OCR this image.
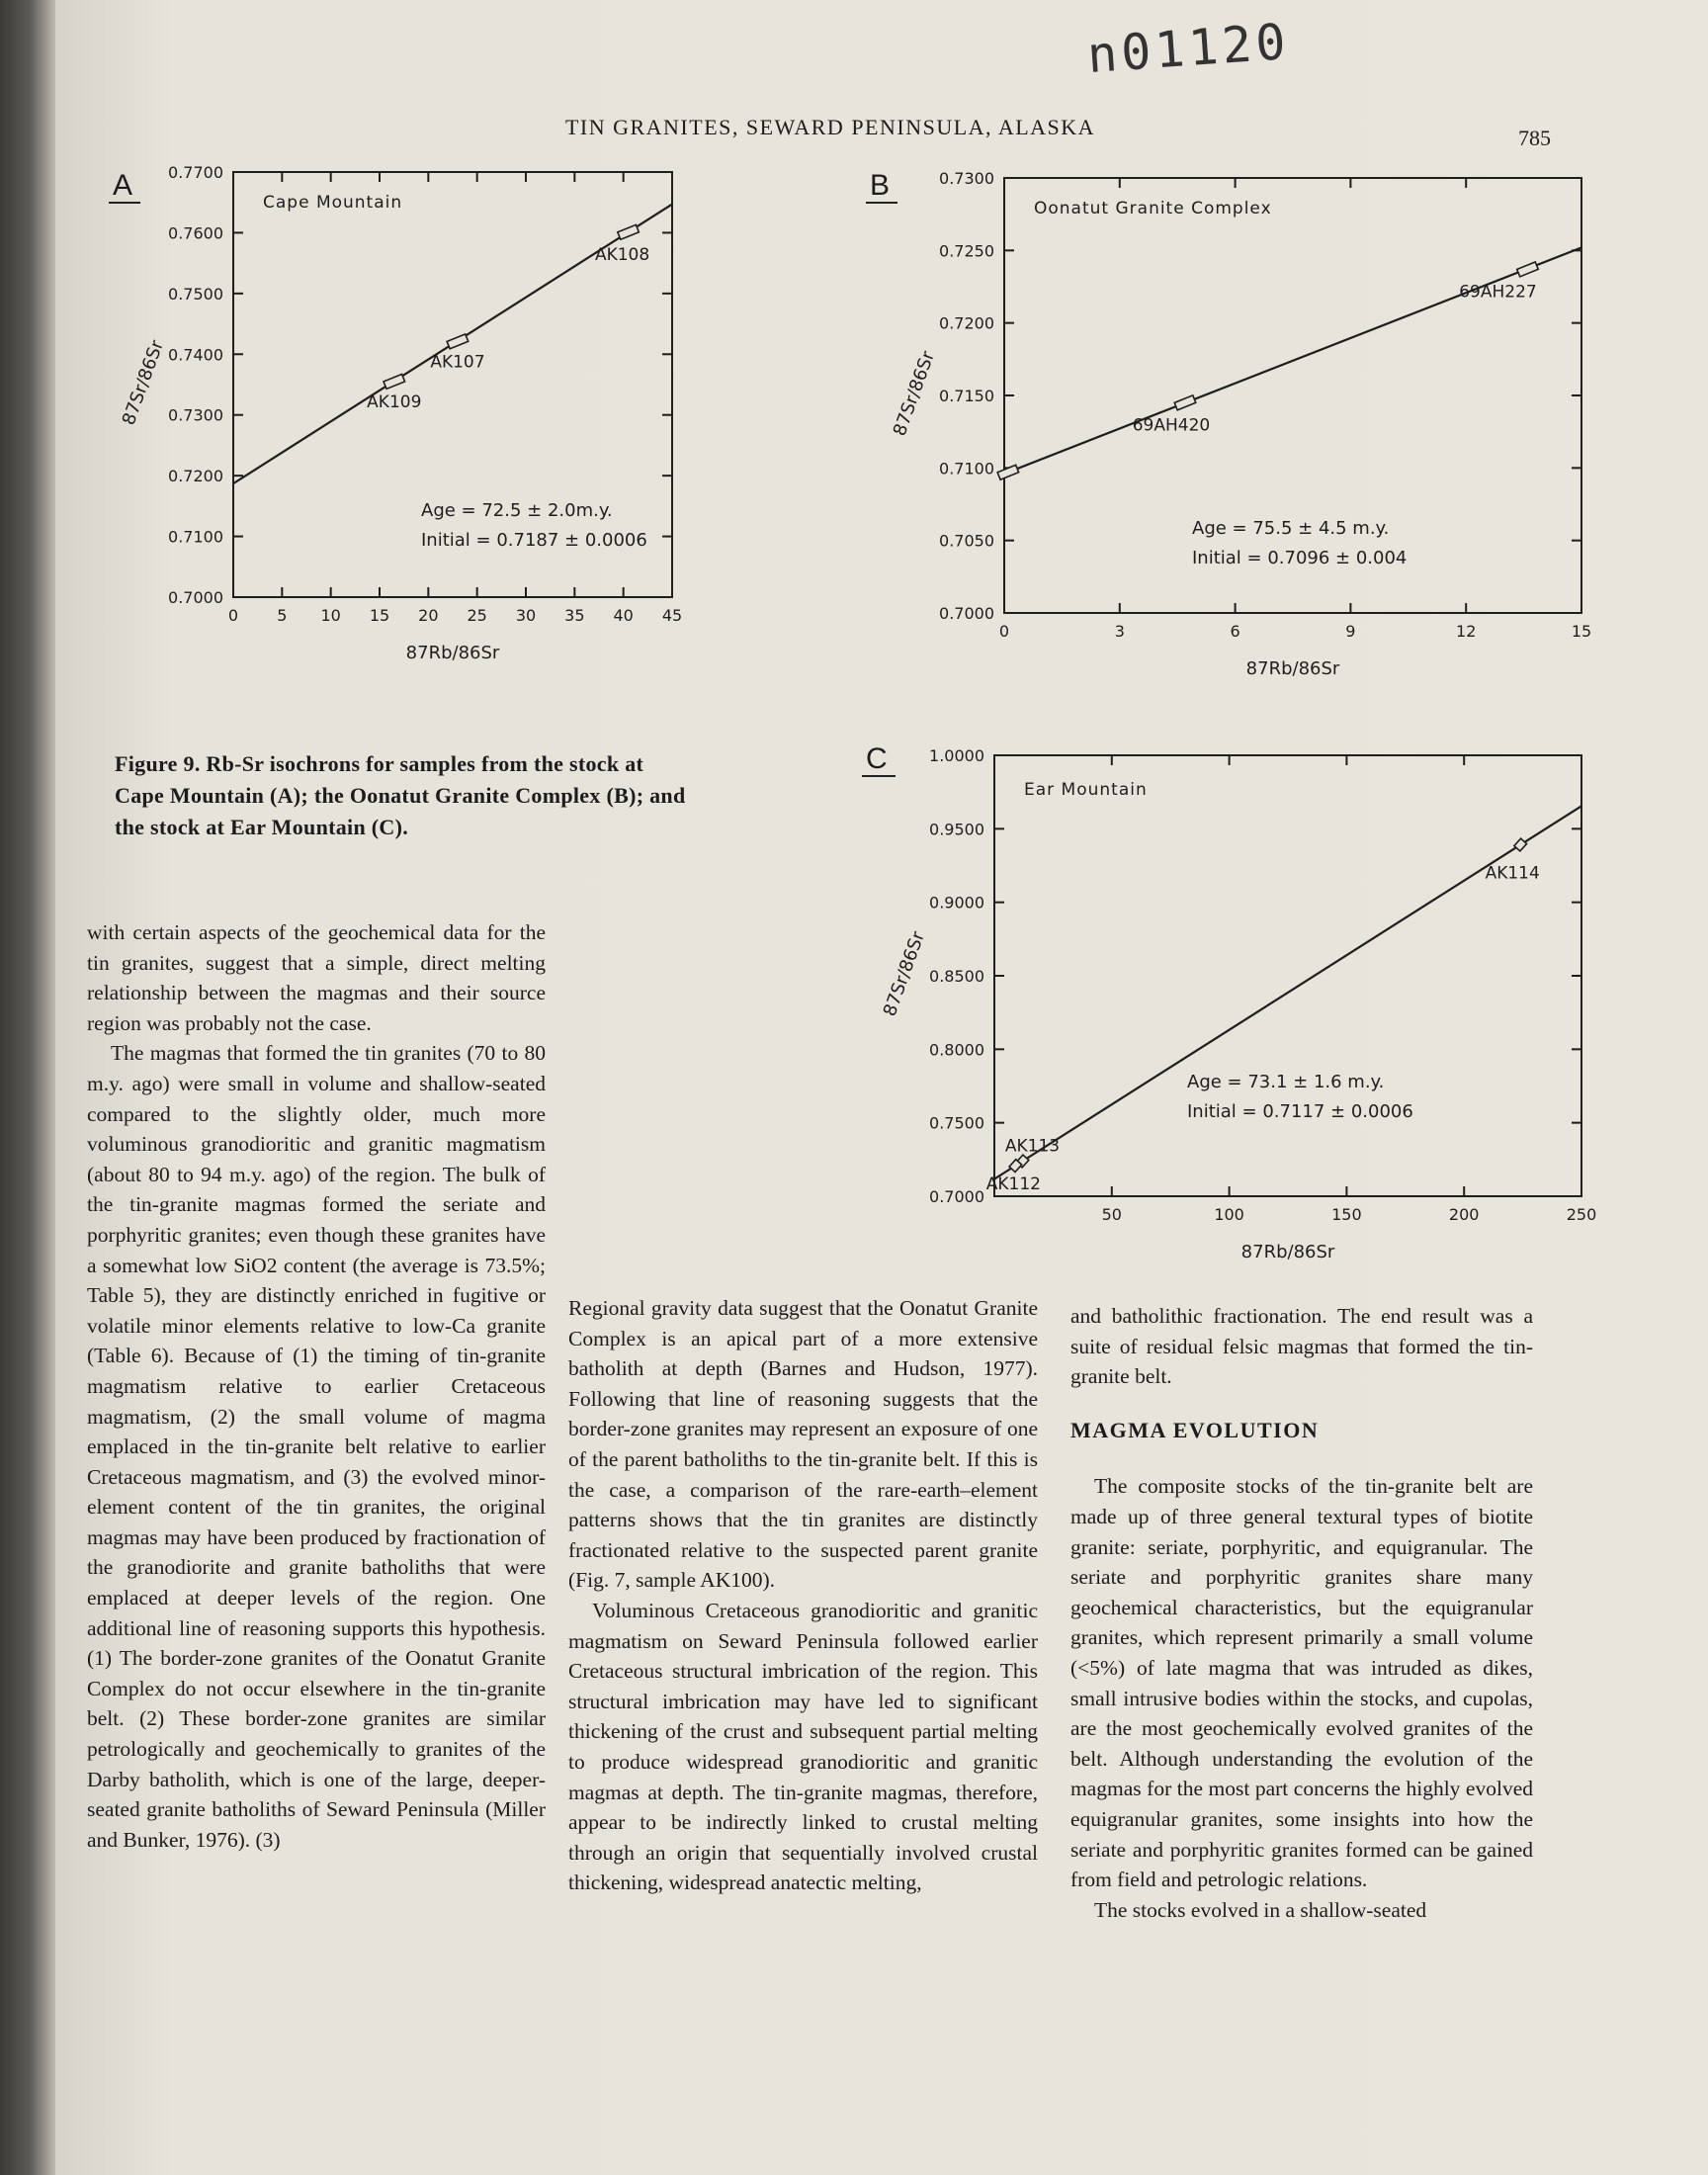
n01120
TIN GRANITES, SEWARD PENINSULA, ALASKA	785
A	B
C
0 5 10 15 20 25 30 35 40 45
0.7000
0.7100
0.7200
0.7300
0.7400
0.7500
0.7600
0.7700
AK109
AK107
AK108
Cape Mountain
Age = 72.5 ± 2.0m.y.
Initial = 0.7187 ± 0.0006
87Rb/86Sr
87Sr/86Sr
0	3	6	9	12	15
0.7000
0.7050
0.7100
0.7150
0.7200
0.7250
0.7300
69AH420
69AH227
Oonatut Granite Complex
Age = 75.5 ± 4.5 m.y.
Initial = 0.7096 ± 0.004
87Rb/86Sr
87Sr/86Sr
50	100	150	200	250
0.7000
0.7500
0.8000
0.8500
0.9000
0.9500
1.0000
AK113
AK112
AK114
Ear Mountain
Age = 73.1 ± 1.6 m.y.
Initial = 0.7117 ± 0.0006
87Rb/86Sr
87Sr/86Sr
Figure 9. Rb-Sr isochrons for samples from the stock at
Cape Mountain (A); the Oonatut Granite Complex (B); and
the stock at Ear Mountain (C).

with certain aspects of the geochemical data for the tin granites, suggest that a simple, direct melting relationship between the magmas and their source region was probably not the case.

The magmas that formed the tin granites (70 to 80 m.y. ago) were small in volume and shallow-seated compared to the slightly older, much more voluminous granodioritic and granitic magmatism (about 80 to 94 m.y. ago) of the region. The bulk of the tin-granite magmas formed the seriate and porphyritic granites; even though these granites have a somewhat low SiO2 content (the average is 73.5%; Table 5), they are distinctly enriched in fugitive or volatile minor elements relative to low-Ca granite (Table 6). Because of (1) the timing of tin-granite magmatism relative to earlier Cretaceous magmatism, (2) the small volume of magma emplaced in the tin-granite belt relative to earlier Cretaceous magmatism, and (3) the evolved minor-element content of the tin granites, the original magmas may have been produced by fractionation of the granodiorite and granite batholiths that were emplaced at deeper levels of the region. One additional line of reasoning supports this hypothesis. (1) The border-zone granites of the Oonatut Granite Complex do not occur elsewhere in the tin-granite belt. (2) These border-zone granites are similar petrologically and geochemically to granites of the Darby batholith, which is one of the large, deeper-seated granite batholiths of Seward Peninsula (Miller and Bunker, 1976). (3)

Regional gravity data suggest that the Oonatut Granite Complex is an apical part of a more extensive batholith at depth (Barnes and Hudson, 1977). Following that line of reasoning suggests that the border-zone granites may represent an exposure of one of the parent batholiths to the tin-granite belt. If this is the case, a comparison of the rare-earth–element patterns shows that the tin granites are distinctly fractionated relative to the suspected parent granite (Fig. 7, sample AK100).

Voluminous Cretaceous granodioritic and granitic magmatism on Seward Peninsula followed earlier Cretaceous structural imbrication of the region. This structural imbrication may have led to significant thickening of the crust and subsequent partial melting to produce widespread granodioritic and granitic magmas at depth. The tin-granite magmas, therefore, appear to be indirectly linked to crustal melting through an origin that sequentially involved crustal thickening, widespread anatectic melting,

and batholithic fractionation. The end result was a suite of residual felsic magmas that formed the tin-granite belt.

MAGMA EVOLUTION

The composite stocks of the tin-granite belt are made up of three general textural types of biotite granite: seriate, porphyritic, and equigranular. The seriate and porphyritic granites share many geochemical characteristics, but the equigranular granites, which represent primarily a small volume (<5%) of late magma that was intruded as dikes, small intrusive bodies within the stocks, and cupolas, are the most geochemically evolved granites of the belt. Although understanding the evolution of the magmas for the most part concerns the highly evolved equigranular granites, some insights into how the seriate and porphyritic granites formed can be gained from field and petrologic relations.

The stocks evolved in a shallow-seated
